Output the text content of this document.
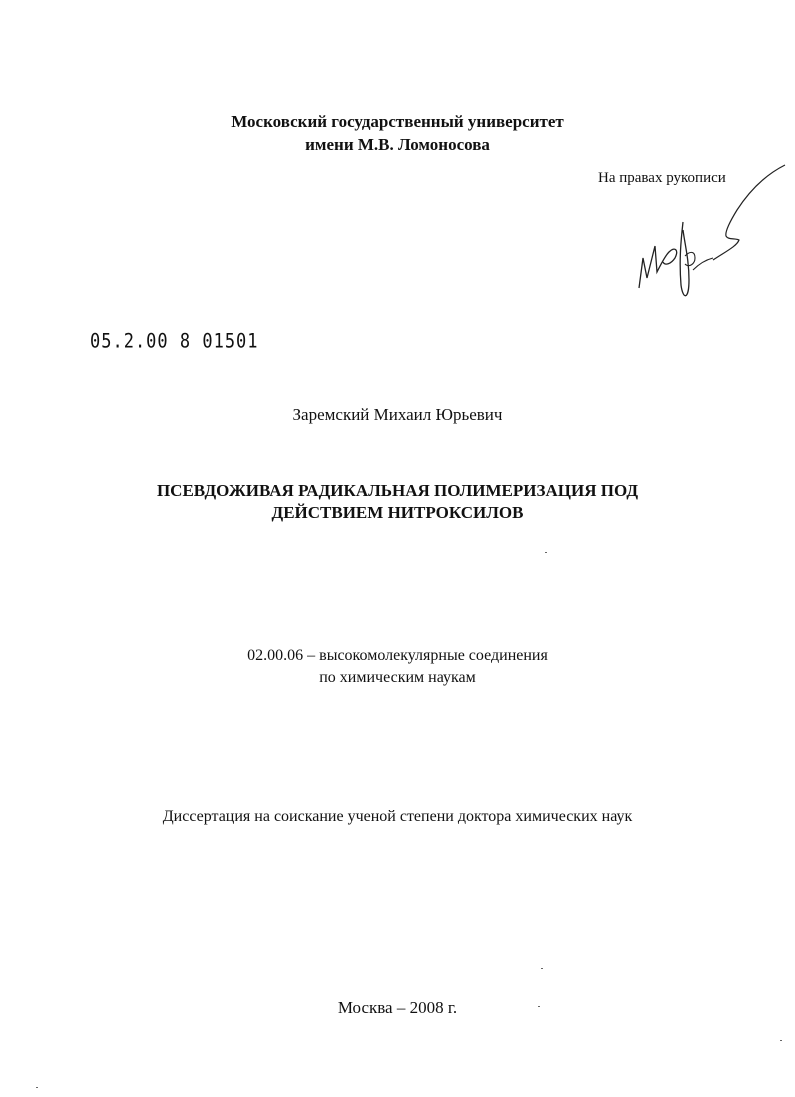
Московский государственный университет
имени М.В. Ломоносова
На правах рукописи
05.2.00 8 01501
Заремский Михаил Юрьевич
ПСЕВДОЖИВАЯ РАДИКАЛЬНАЯ ПОЛИМЕРИЗАЦИЯ ПОД
ДЕЙСТВИЕМ НИТРОКСИЛОВ
02.00.06 – высокомолекулярные соединения
по химическим наукам
Диссертация на соискание ученой степени доктора химических наук
Москва – 2008 г.
